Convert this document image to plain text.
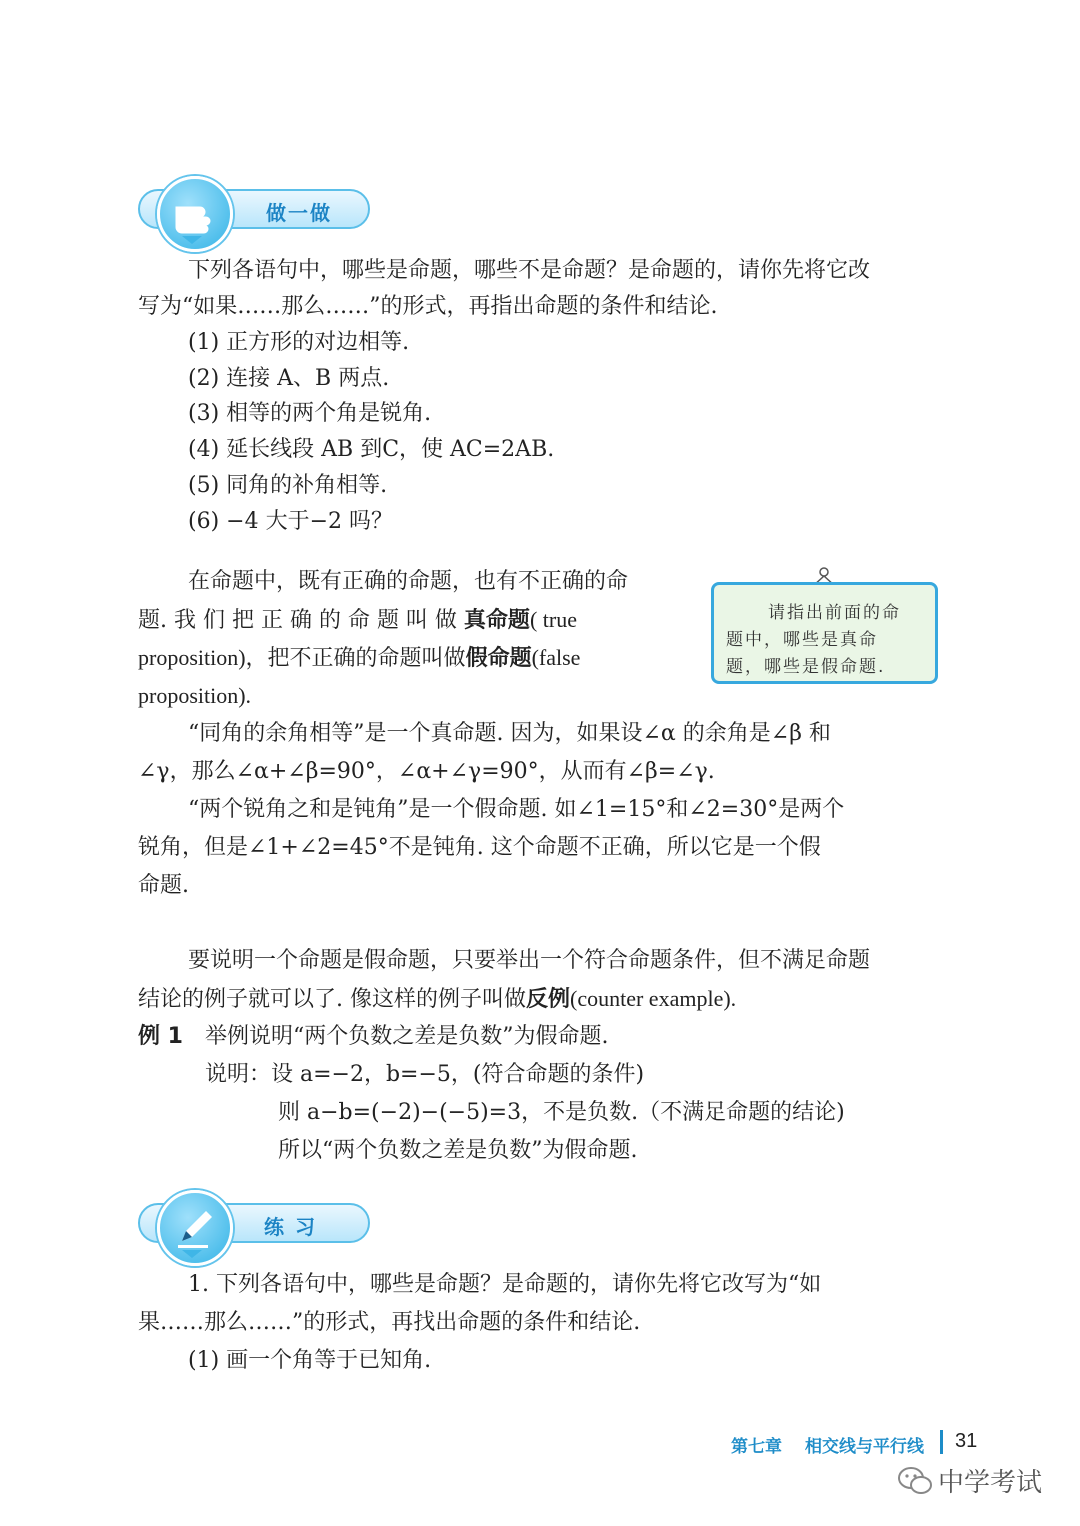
做一做
下列各语句中，哪些是命题，哪些不是命题？是命题的，请你先将它改
写为“如果……那么……”的形式，再指出命题的条件和结论.
(1) 正方形的对边相等.
(2) 连接 A、B 两点.
(3) 相等的两个角是锐角.
(4) 延长线段 AB 到C，使 AC=2AB.
(5) 同角的补角相等.
(6) −4 大于−2 吗？
在命题中，既有正确的命题，也有不正确的命
题. 我 们 把 正 确 的 命 题 叫 做 真命题( true
proposition)，把不正确的命题叫做假命题(false
proposition).
请指出前面的命
题中，哪些是真命
题，哪些是假命题.
“同角的余角相等”是一个真命题. 因为，如果设∠α 的余角是∠β 和
∠γ，那么∠α+∠β=90°，∠α+∠γ=90°，从而有∠β=∠γ.
“两个锐角之和是钝角”是一个假命题. 如∠1=15°和∠2=30°是两个
锐角，但是∠1+∠2=45°不是钝角. 这个命题不正确，所以它是一个假
命题.
要说明一个命题是假命题，只要举出一个符合命题条件，但不满足命题
结论的例子就可以了. 像这样的例子叫做反例(counter example).
例 1 举例说明“两个负数之差是负数”为假命题.
说明：设 a=−2，b=−5，(符合命题的条件)
则 a−b=(−2)−(−5)=3，不是负数.（不满足命题的结论)
所以“两个负数之差是负数”为假命题.
练 习
1. 下列各语句中，哪些是命题？是命题的，请你先将它改写为“如
果……那么……”的形式，再找出命题的条件和结论.
(1) 画一个角等于已知角.
第七章 相交线与平行线 31
中学考试
